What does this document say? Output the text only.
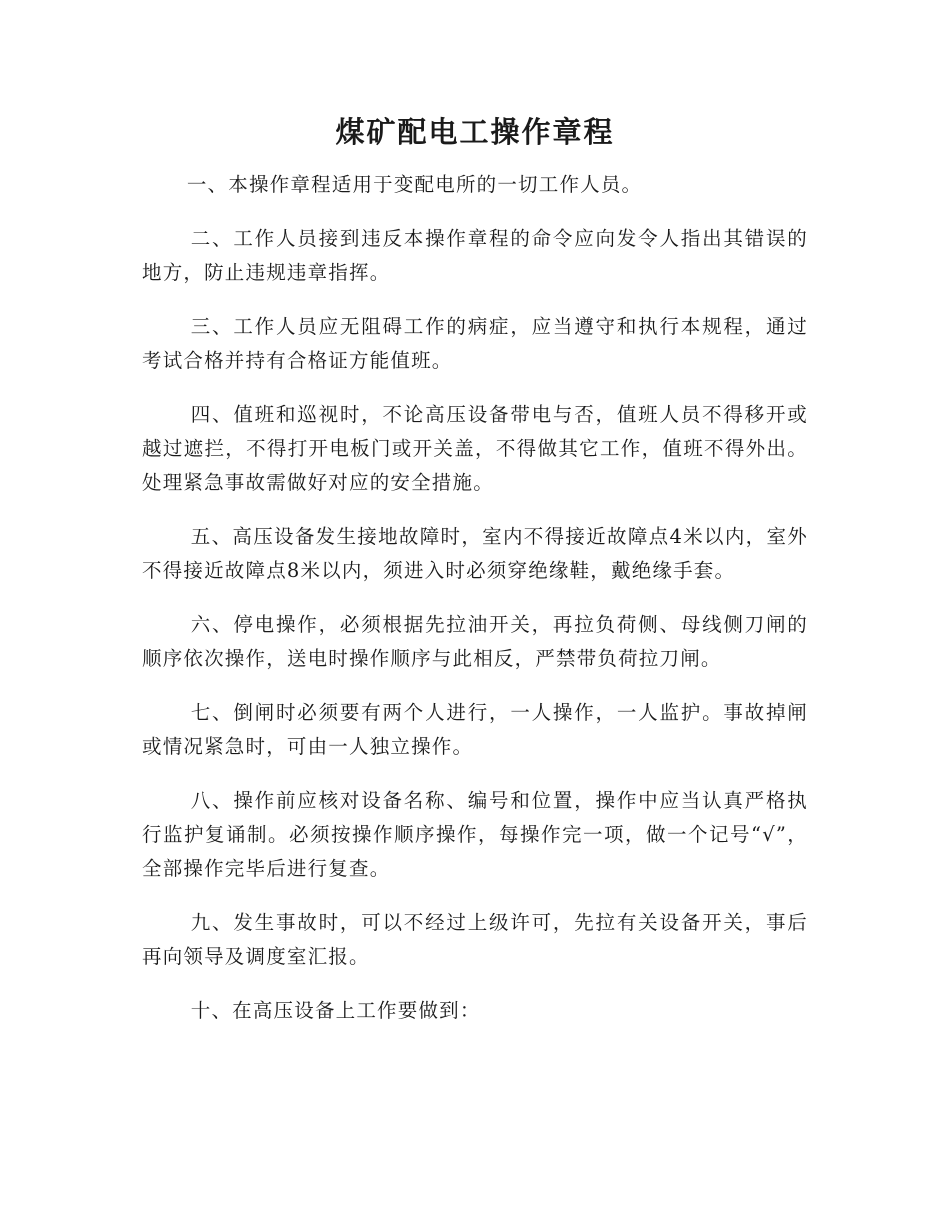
煤矿配电工操作章程

一、本操作章程适用于变配电所的一切工作人员。

二、工作人员接到违反本操作章程的命令应向发令人指出其错误的地方，防止违规违章指挥。

三、工作人员应无阻碍工作的病症，应当遵守和执行本规程，通过考试合格并持有合格证方能值班。

四、值班和巡视时，不论高压设备带电与否，值班人员不得移开或越过遮拦，不得打开电板门或开关盖，不得做其它工作，值班不得外出。处理紧急事故需做好对应的安全措施。

五、高压设备发生接地故障时，室内不得接近故障点4米以内，室外不得接近故障点8米以内，须进入时必须穿绝缘鞋，戴绝缘手套。

六、停电操作，必须根据先拉油开关，再拉负荷侧、母线侧刀闸的顺序依次操作，送电时操作顺序与此相反，严禁带负荷拉刀闸。

七、倒闸时必须要有两个人进行，一人操作，一人监护。事故掉闸或情况紧急时，可由一人独立操作。

八、操作前应核对设备名称、编号和位置，操作中应当认真严格执行监护复诵制。必须按操作顺序操作，每操作完一项，做一个记号“√”，全部操作完毕后进行复查。

九、发生事故时，可以不经过上级许可，先拉有关设备开关，事后再向领导及调度室汇报。

十、在高压设备上工作要做到：
